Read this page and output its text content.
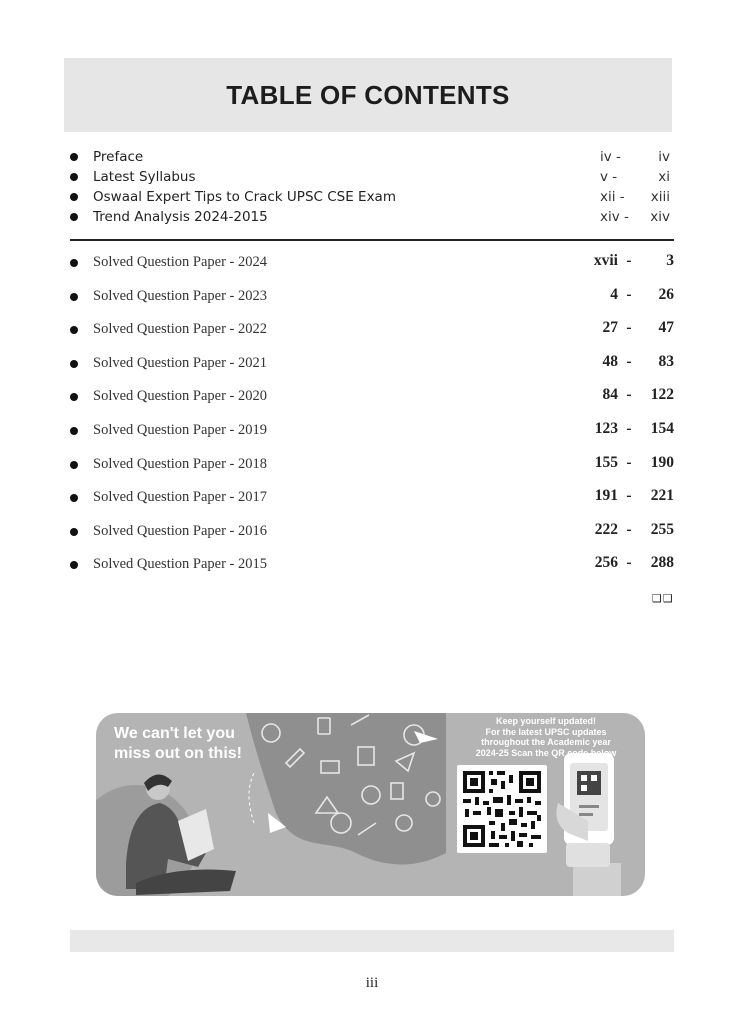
TABLE OF CONTENTS
Preface	iv -	iv
Latest Syllabus	v -	xi
Oswaal Expert Tips to Crack UPSC CSE Exam	xii - xiii
Trend Analysis 2024-2015	xiv - xiv
Solved Question Paper - 2024	xvii -	3
Solved Question Paper - 2023	4 -	26
Solved Question Paper - 2022	27 -	47
Solved Question Paper - 2021	48 -	83
Solved Question Paper - 2020	84 -	122
Solved Question Paper - 2019	123 -	154
Solved Question Paper - 2018	155 -	190
Solved Question Paper - 2017	191 -	221
Solved Question Paper - 2016	222 -	255
Solved Question Paper - 2015	256 -	288
❑❑
We can't let you
miss out on this!
Keep yourself updated!
For the latest UPSC updates
throughout the Academic year
2024-25 Scan the QR code below
iii
